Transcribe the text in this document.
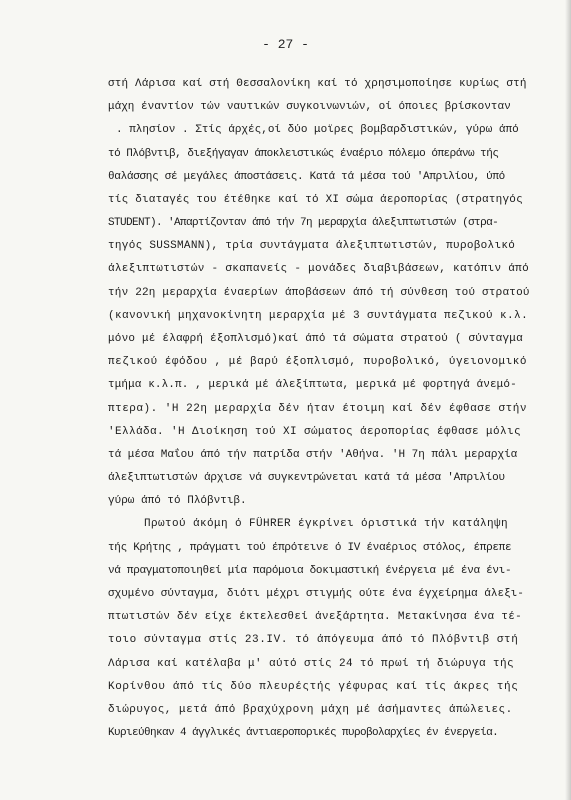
- 27 -
στή Λάρισα καί στή Θεσσαλονίκη καί τό χρησιμοποίησε κυρίως στή
μάχη έναντίον τών ναυτικών συγκοινωνιών, οί όποιες βρίσκονταν
. πλησίον . Στίς άρχές,οί δύο μοϊρες βομβαρδιστικών, γύρω άπό
τό Πλόβντιβ, διεξήγαγαν άποκλειστικώς έναέριο πόλεμο όπεράνω τής
θαλάσσης σέ μεγάλες άποστάσεις. Κατά τά μέσα τού 'Απριλίου, ύπό
τίς διαταγές του έτέθηκε καί τό XI σώμα άεροπορίας (στρατηγός
STUDENT). 'Απαρτίζονταν άπό τήν 7η μεραρχία άλεξιπτωτιστών (στρα-
τηγός SUSSMANN), τρία συντάγματα άλεξιπτωτιστών, πυροβολικό
άλεξιπτωτιστών - σκαπανείς - μονάδες διαβιβάσεων, κατόπιν άπό
τήν 22η μεραρχία έναερίων άποβάσεων άπό τή σύνθεση τού στρατού
(κανονική μηχανοκίνητη μεραρχία μέ 3 συντάγματα πεζικού κ.λ.
μόνο μέ έλαφρή έξοπλισμό)καί άπό τά σώματα στρατού ( σύνταγμα
πεζικού έφόδου , μέ βαρύ έξοπλισμό, πυροβολικό, ύγειονομικό
τμήμα κ.λ.π. , μερικά μέ άλεξίπτωτα, μερικά μέ φορτηγά άνεμό-
πτερα). 'Η 22η μεραρχία δέν ήταν έτοιμη καί δέν έφθασε στήν
'Ελλάδα. 'Η Διοίκηση τού XI σώματος άεροπορίας έφθασε μόλις
τά μέσα Μαΐου άπό τήν πατρίδα στήν 'Αθήνα. 'Η 7η πάλι μεραρχία
άλεξιπτωτιστών άρχισε νά συγκεντρώνεται κατά τά μέσα 'Απριλίου
γύρω άπό τό Πλόβντιβ.
Πρωτού άκόμη ό FÜHRER έγκρίνει όριστικά τήν κατάληψη
τής Κρήτης , πράγματι τού έπρότεινε ό IV έναέριος στόλος, έπρεπε
νά πραγματοποιηθεί μία παρόμοια δοκιμαστική ένέργεια μέ ένα ένι-
σχυμένο σύνταγμα, διότι μέχρι στιγμής ούτε ένα έγχείρημα άλεξι-
πτωτιστών δέν είχε έκτελεσθεί άνεξάρτητα. Μετακίνησα ένα τέ-
τοιο σύνταγμα στίς 23.IV. τό άπόγευμα άπό τό Πλόβντιβ στή
Λάρισα καί κατέλαβα μ' αύτό στίς 24 τό πρωί τή διώρυγα τής
Κορίνθου άπό τίς δύο πλευρέςτής γέφυρας καί τίς άκρες τής
διώρυγος, μετά άπό βραχύχρονη μάχη μέ άσήμαντες άπώλειες.
Κυριεύθηκαν 4 άγγλικές άντιαεροπορικές πυροβολαρχίες έν ένεργεία.
